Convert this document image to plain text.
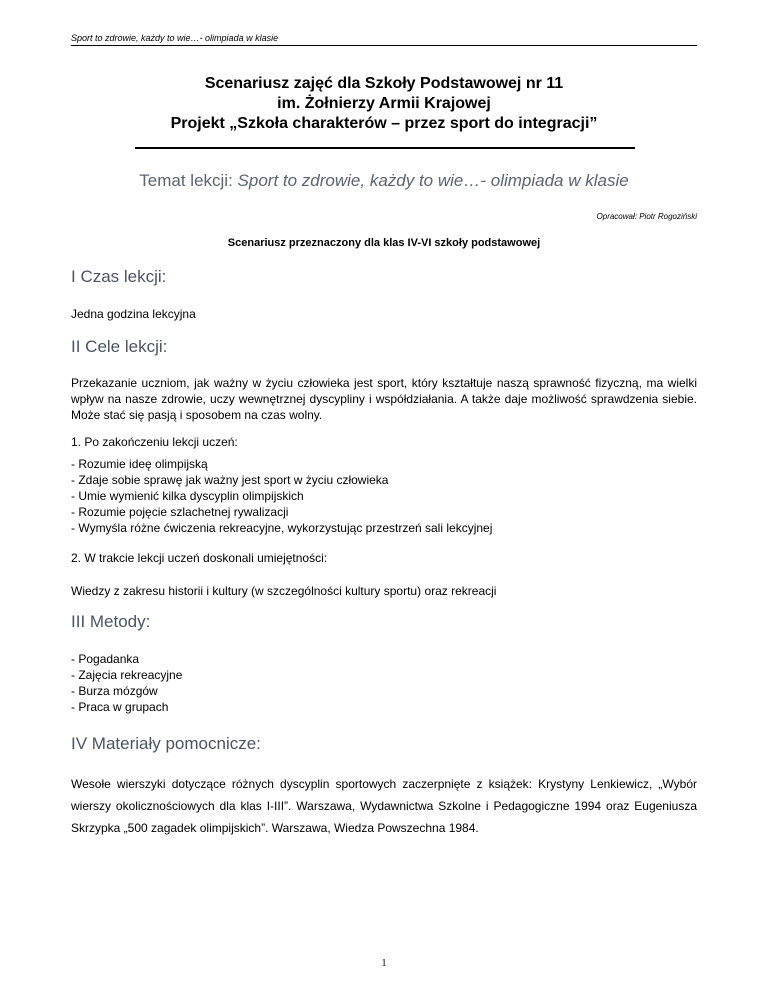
Sport to zdrowie, każdy to wie…- olimpiada w klasie
Scenariusz zajęć dla Szkoły Podstawowej nr 11
im. Żołnierzy Armii Krajowej
Projekt „Szkoła charakterów – przez sport do integracji”
Temat lekcji: Sport to zdrowie, każdy to wie…- olimpiada w klasie
Opracował: Piotr Rogoziński
Scenariusz przeznaczony dla klas IV-VI szkoły podstawowej
I Czas lekcji:
Jedna godzina lekcyjna
II Cele lekcji:
Przekazanie uczniom, jak ważny w życiu człowieka jest sport, który kształtuje naszą sprawność fizyczną, ma wielki wpływ na nasze zdrowie, uczy wewnętrznej dyscypliny i współdziałania. A także daje możliwość sprawdzenia siebie. Może stać się pasją i sposobem na czas wolny.
1. Po zakończeniu lekcji uczeń:
- Rozumie ideę olimpijską
- Zdaje sobie sprawę jak ważny jest sport w życiu człowieka
- Umie wymienić kilka dyscyplin olimpijskich
- Rozumie pojęcie szlachetnej rywalizacji
- Wymyśla różne ćwiczenia rekreacyjne, wykorzystując przestrzeń sali lekcyjnej
2. W trakcie lekcji uczeń doskonali umiejętności:
Wiedzy z zakresu historii i kultury (w szczególności kultury sportu) oraz rekreacji
III Metody:
- Pogadanka
- Zajęcia rekreacyjne
- Burza mózgów
- Praca w grupach
IV Materiały pomocnicze:
Wesołe wierszyki dotyczące różnych dyscyplin sportowych zaczerpnięte z książek: Krystyny Lenkiewicz, „Wybór wierszy okolicznościowych dla klas I-III”. Warszawa, Wydawnictwa Szkolne i Pedagogiczne 1994 oraz Eugeniusza Skrzypka „500 zagadek olimpijskich”. Warszawa, Wiedza Powszechna 1984.
1
